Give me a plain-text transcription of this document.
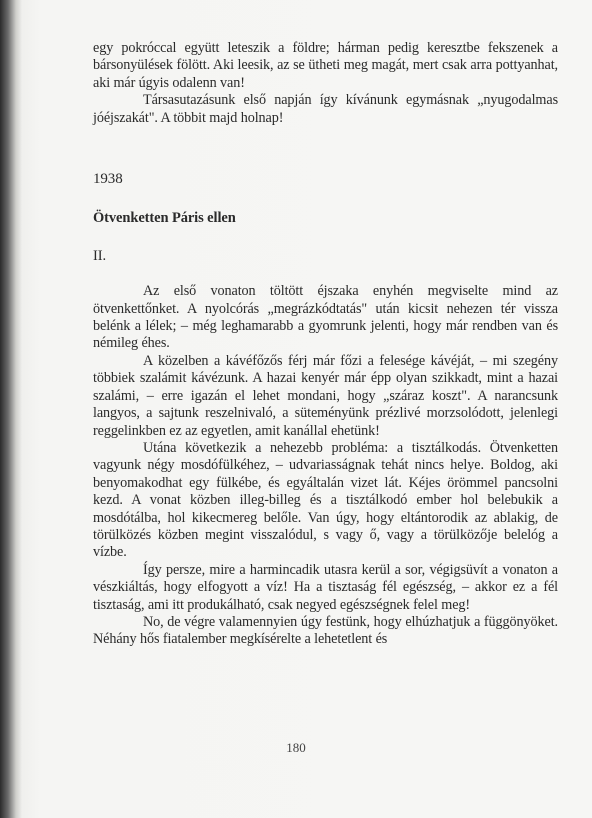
egy pokróccal együtt leteszik a földre; hárman pedig keresztbe fekszenek a bársonyülések fölött. Aki leesik, az se ütheti meg magát, mert csak arra pottyanhat, aki már úgyis odalenn van!

Társasutazásunk első napján így kívánunk egymásnak „nyugodalmas jóéjszakát". A többit majd holnap!

1938
Ötvenketten Páris ellen
II.

Az első vonaton töltött éjszaka enyhén megviselte mind az ötvenkettőnket. A nyolcórás „megrázkódtatás" után kicsit nehezen tér vissza belénk a lélek; – még leghamarabb a gyomrunk jelenti, hogy már rendben van és némileg éhes.

A közelben a kávéfőzős férj már főzi a felesége kávéját, – mi szegény többiek szalámit kávézunk. A hazai kenyér már épp olyan szikkadt, mint a hazai szalámi, – erre igazán el lehet mondani, hogy „száraz koszt". A narancsunk langyos, a sajtunk reszelnivaló, a süteményünk prézlivé morzsolódott, jelenlegi reggelinkben ez az egyetlen, amit kanállal ehetünk!

Utána következik a nehezebb probléma: a tisztálkodás. Ötvenketten vagyunk négy mosdófülkéhez, – udvariasságnak tehát nincs helye. Boldog, aki benyomakodhat egy fülkébe, és egyáltalán vizet lát. Kéjes örömmel pancsolni kezd. A vonat közben illeg-billeg és a tisztálkodó ember hol belebukik a mosdótálba, hol kikecmereg belőle. Van úgy, hogy eltántorodik az ablakig, de törülközés közben megint visszalódul, s vagy ő, vagy a törülközője belelóg a vízbe.

Így persze, mire a harmincadik utasra kerül a sor, végigsüvít a vonaton a vészkiáltás, hogy elfogyott a víz! Ha a tisztaság fél egészség, – akkor ez a fél tisztaság, ami itt produkálható, csak negyed egészségnek felel meg!

No, de végre valamennyien úgy festünk, hogy elhúzhatjuk a függönyöket. Néhány hős fiatalember megkísérelte a lehetetlent és

180
